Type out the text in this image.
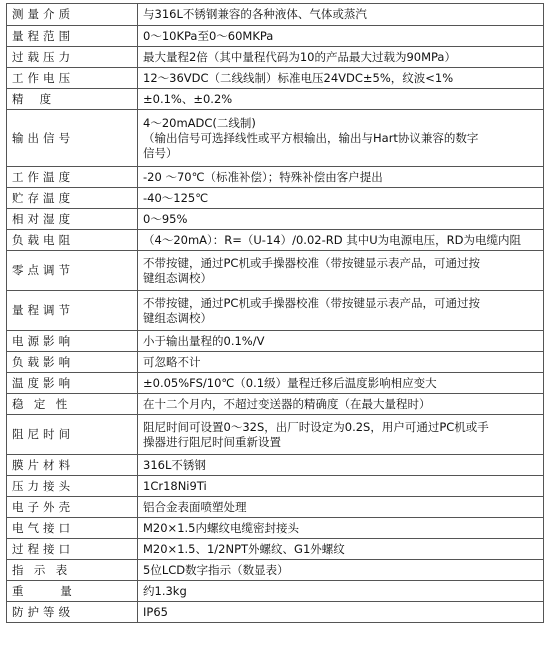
测量介质	与316L不锈钢兼容的各种液体、气体或蒸汽

量程范围	0～10KPa至0～60MKPa

过载压力	最大量程2倍（其中量程代码为10的产品最大过载为90MPa）

工作电压	12～36VDC（二线线制）标准电压24VDC±5%，纹波<1%

精度	±0.1%、±0.2%

输出信号	4～20mADC(二线制)
（输出信号可选择线性或平方根输出，输出与Hart协议兼容的数字
信号）

工作温度	-20 ～70℃（标准补偿）；特殊补偿由客户提出

贮存温度	-40～125℃

相对湿度	0～95%

负载电阻	（4～20mA）：R=（U-14）/0.02-RD 其中U为电源电压，RD为电缆内阻

零点调节	不带按键，通过PC机或手操器校准（带按键显示表产品，可通过按
键组态调校）

量程调节	不带按键，通过PC机或手操器校准（带按键显示表产品，可通过按
键组态调校）

电源影响	小于输出量程的0.1%/V

负载影响	可忽略不计

温度影响	±0.05%FS/10℃（0.1级）量程迁移后温度影响相应变大

稳定性	在十二个月内，不超过变送器的精确度（在最大量程时）

阻尼时间	阻尼时间可设置0～32S，出厂时设定为0.2S，用户可通过PC机或手
操器进行阻尼时间重新设置

膜片材料	316L不锈钢

压力接头	1Cr18Ni9Ti

电子外壳	铝合金表面喷塑处理

电气接口	M20×1.5内螺纹电缆密封接头

过程接口	M20×1.5、1/2NPT外螺纹、G1外螺纹

指示表	5位LCD数字指示（数显表）

重量	约1.3kg

防护等级	IP65
